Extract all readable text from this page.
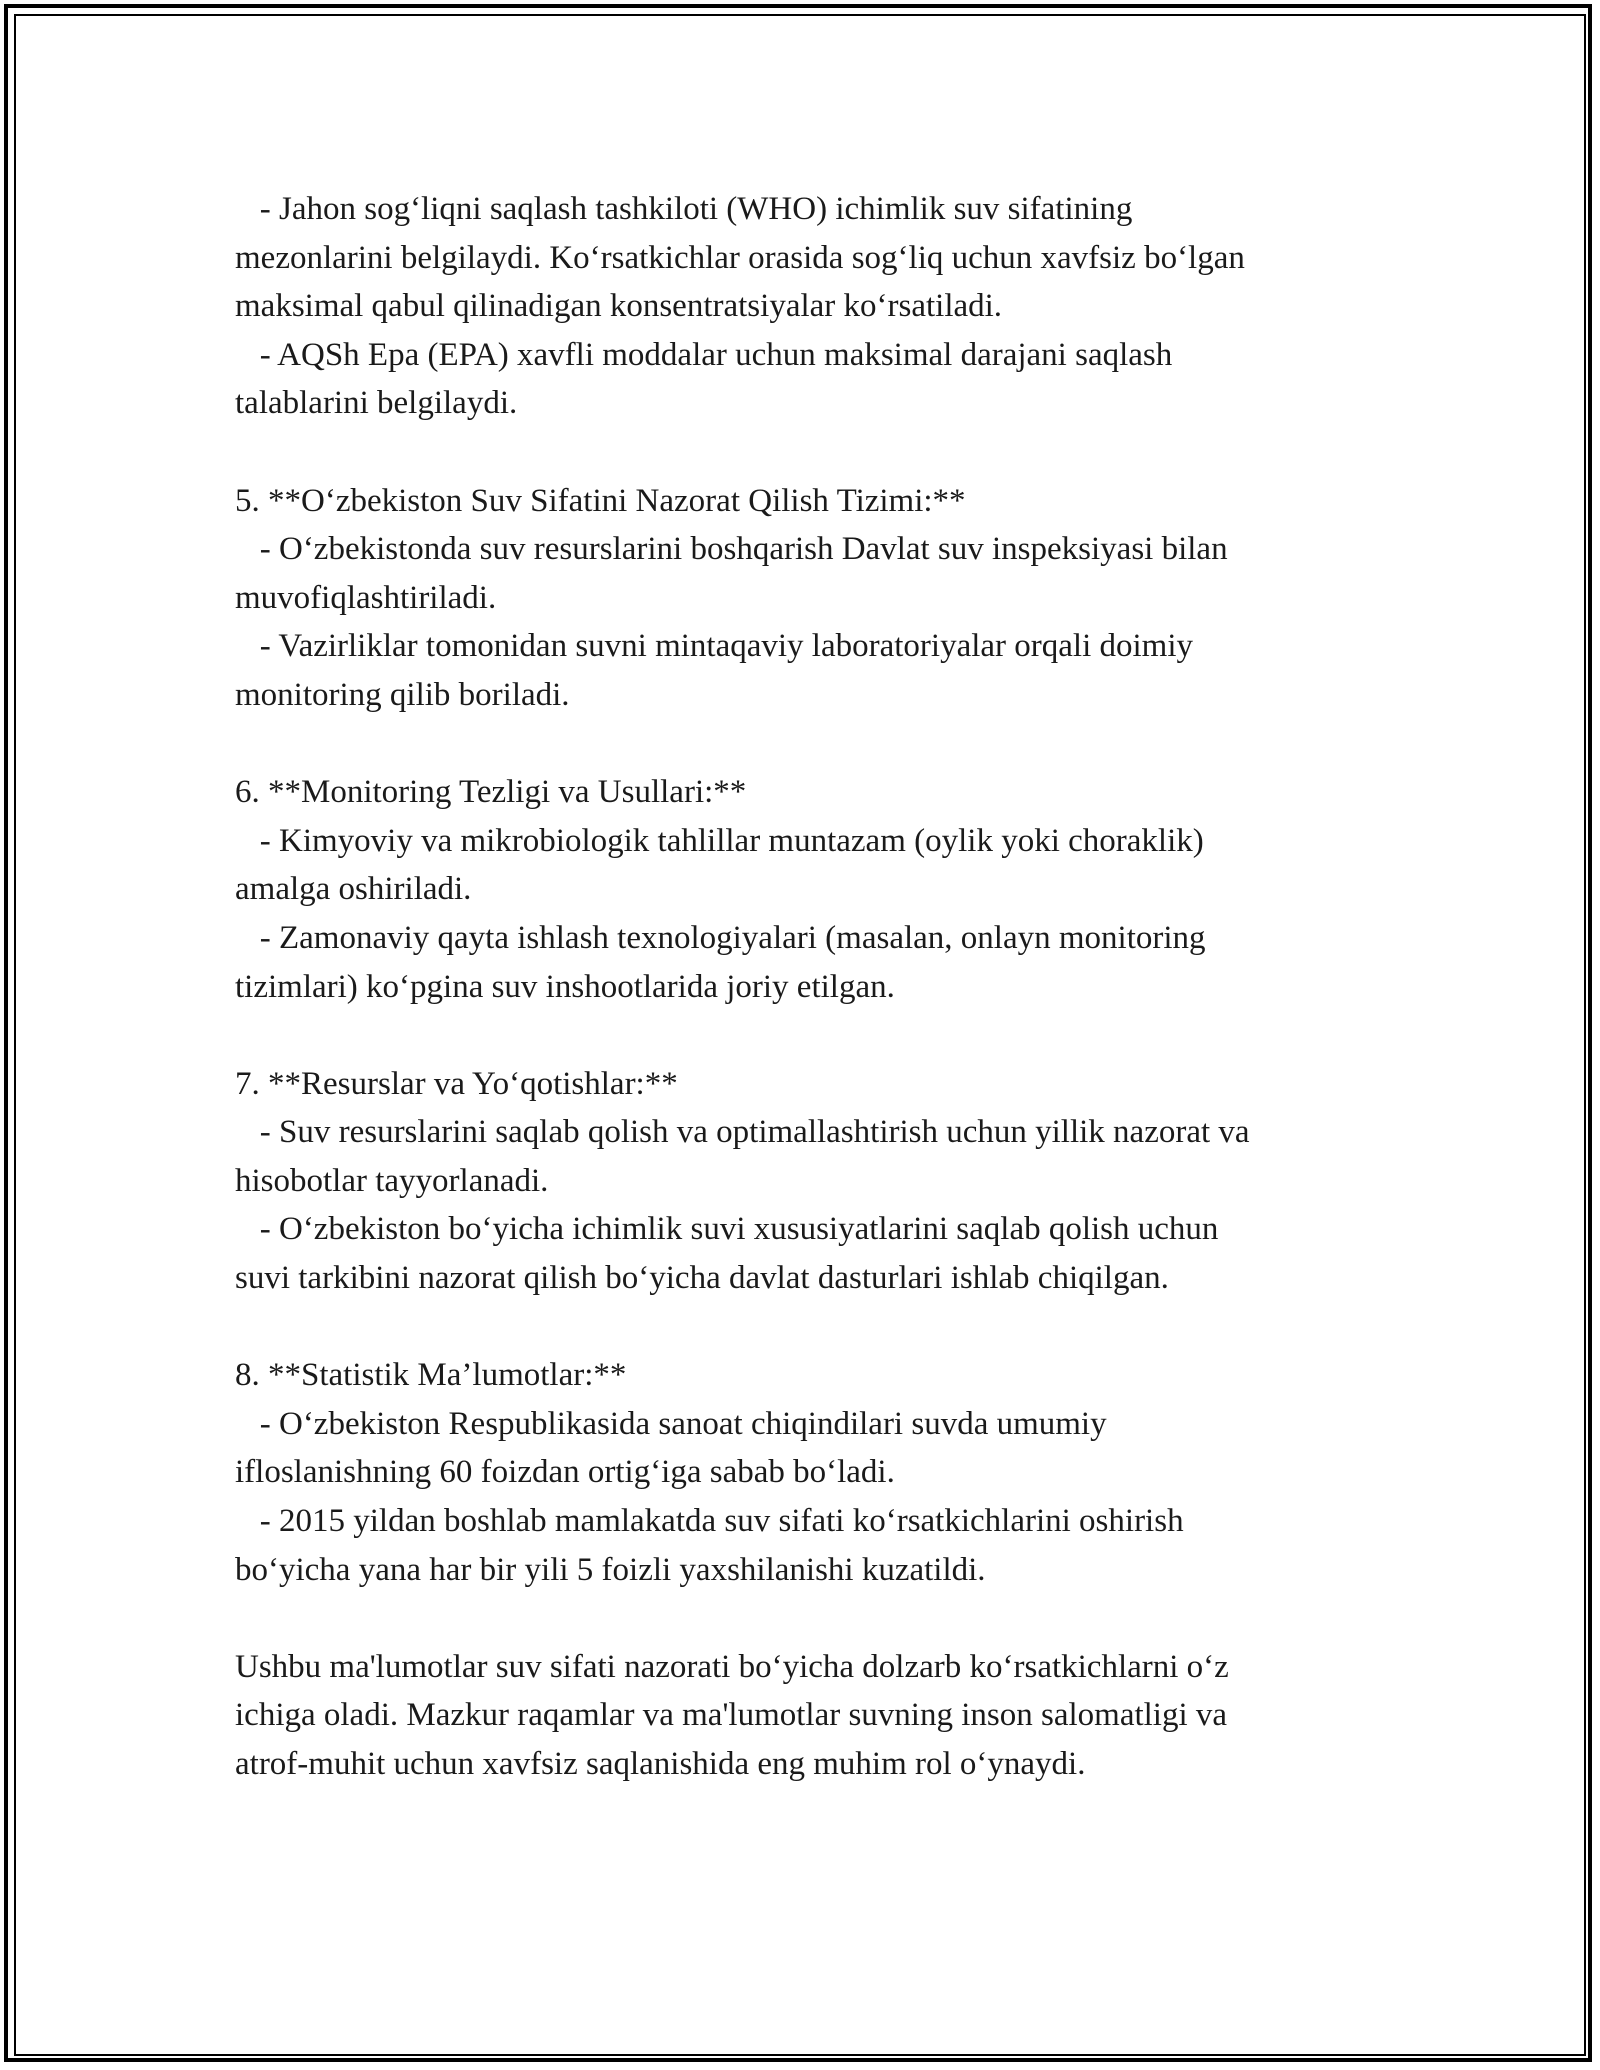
- Jahon sog‘liqni saqlash tashkiloti (WHO) ichimlik suv sifatining
mezonlarini belgilaydi. Ko‘rsatkichlar orasida sog‘liq uchun xavfsiz bo‘lgan
maksimal qabul qilinadigan konsentratsiyalar ko‘rsatiladi.
- AQSh Epa (EPA) xavfli moddalar uchun maksimal darajani saqlash
talablarini belgilaydi.
5. **O‘zbekiston Suv Sifatini Nazorat Qilish Tizimi:**
- O‘zbekistonda suv resurslarini boshqarish Davlat suv inspeksiyasi bilan
muvofiqlashtiriladi.
- Vazirliklar tomonidan suvni mintaqaviy laboratoriyalar orqali doimiy
monitoring qilib boriladi.
6. **Monitoring Tezligi va Usullari:**
- Kimyoviy va mikrobiologik tahlillar muntazam (oylik yoki choraklik)
amalga oshiriladi.
- Zamonaviy qayta ishlash texnologiyalari (masalan, onlayn monitoring
tizimlari) ko‘pgina suv inshootlarida joriy etilgan.
7. **Resurslar va Yo‘qotishlar:**
- Suv resurslarini saqlab qolish va optimallashtirish uchun yillik nazorat va
hisobotlar tayyorlanadi.
- O‘zbekiston bo‘yicha ichimlik suvi xususiyatlarini saqlab qolish uchun
suvi tarkibini nazorat qilish bo‘yicha davlat dasturlari ishlab chiqilgan.
8. **Statistik Ma’lumotlar:**
- O‘zbekiston Respublikasida sanoat chiqindilari suvda umumiy
ifloslanishning 60 foizdan ortig‘iga sabab bo‘ladi.
- 2015 yildan boshlab mamlakatda suv sifati ko‘rsatkichlarini oshirish
bo‘yicha yana har bir yili 5 foizli yaxshilanishi kuzatildi.
Ushbu ma'lumotlar suv sifati nazorati bo‘yicha dolzarb ko‘rsatkichlarni o‘z
ichiga oladi. Mazkur raqamlar va ma'lumotlar suvning inson salomatligi va
atrof-muhit uchun xavfsiz saqlanishida eng muhim rol o‘ynaydi.
